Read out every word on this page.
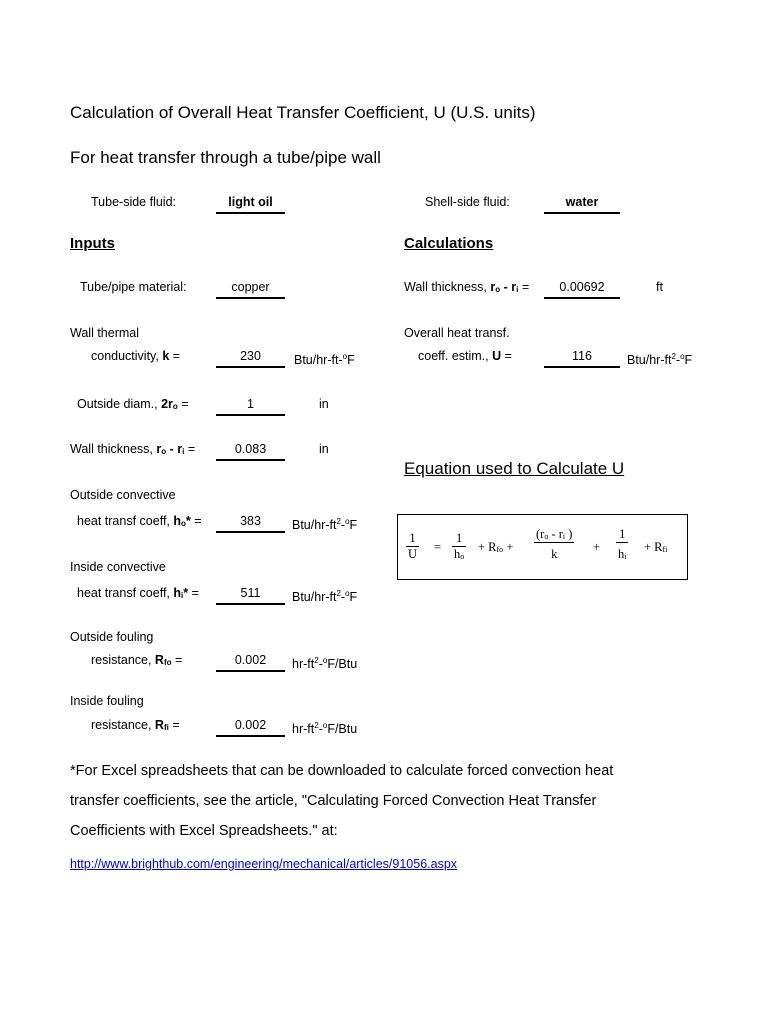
Calculation of Overall Heat Transfer Coefficient, U (U.S. units)
For heat transfer through a tube/pipe wall
Tube-side fluid:	light oil	Shell-side fluid:	water
Inputs	Calculations
Tube/pipe material:	copper	Wall thickness, ro - ri =	0.00692	ft
Wall thermal
conductivity, k =	230	Btu/hr-ft-$^o$F
Overall heat transf.
coeff. estim., U =	116	Btu/$hr-ft^2-^oF$
Outside diam., 2ro =	1	in
Wall thickness, ro - ri =	0.083	in
Equation used to Calculate U
Outside convective
heat transf coeff, ho* =	383	Btu/$hr-ft^2-^oF$
$\frac{1}{U} = \frac{1}{ho}$ + Rfo + $\frac{(ro - ri )}{k} + \frac{1}{hi}$ + Rfi
Inside convective
heat transf coeff, hi* =	511	Btu/$hr-ft^2-^oF$
Outside fouling
resistance, Rfo =	0.002	$hr-ft^2-^oF$/Btu
Inside fouling
resistance, Rfi =	0.002	$hr-ft^2-^oF$/Btu
*For Excel spreadsheets that can be downloaded to calculate forced convection heat
transfer coefficients, see the article, "Calculating Forced Convection Heat Transfer
Coefficients with Excel Spreadsheets." at:
http://www.brighthub.com/engineering/mechanical/articles/91056.aspx
